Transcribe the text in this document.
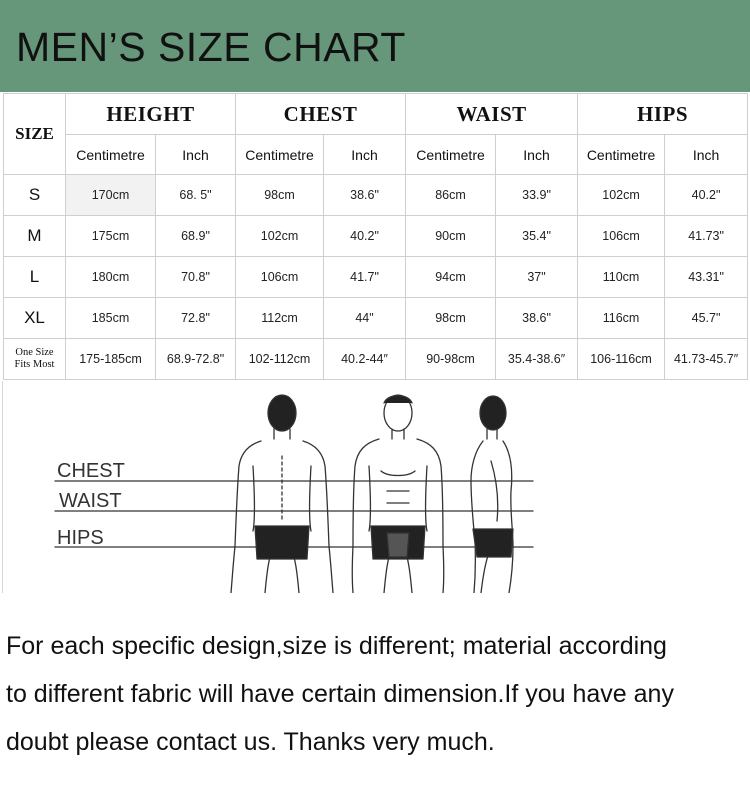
MEN’S SIZE CHART
SIZE	HEIGHT		CHEST		WAIST		HIPS	
	Centimetre	Inch	Centimetre	Inch	Centimetre	Inch	Centimetre	Inch
S	170cm	68. 5"	98cm	38.6"	86cm	33.9"	102cm	40.2"
M	175cm	68.9"	102cm	40.2"	90cm	35.4"	106cm	41.73"
L	180cm	70.8"	106cm	41.7"	94cm	37"	110cm	43.31"
XL	185cm	72.8"	112cm	44"	98cm	38.6"	116cm	45.7"

One Size
Fits Most	175-185cm	68.9-72.8"	102-112cm	40.2-44″	90-98cm	35.4-38.6″	106-116cm	41.73-45.7″
CHEST
WAIST
HIPS
For each specific design,size is different; material according
to different fabric will have certain dimension.If you have any
doubt please contact us. Thanks very much.
